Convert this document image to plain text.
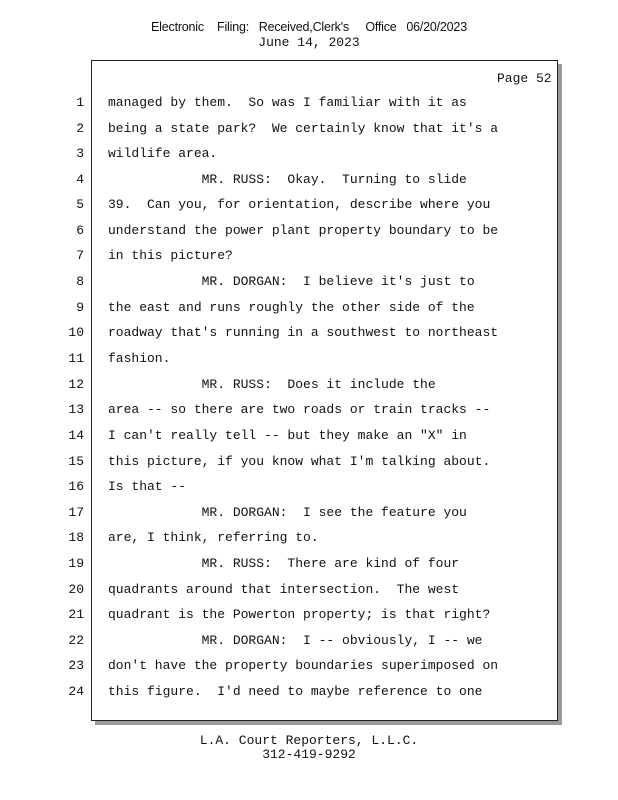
Electronic    Filing:   Received,Clerk's     Office   06/20/2023
June 14, 2023
Page 52
1 managed by them.  So was I familiar with it as
2 being a state park?  We certainly know that it's a
3 wildlife area.
4 MR. RUSS:  Okay.  Turning to slide
5 39.  Can you, for orientation, describe where you
6 understand the power plant property boundary to be
7 in this picture?
8 MR. DORGAN:  I believe it's just to
9 the east and runs roughly the other side of the
10 roadway that's running in a southwest to northeast
11 fashion.
12 MR. RUSS:  Does it include the
13 area -- so there are two roads or train tracks --
14 I can't really tell -- but they make an "X" in
15 this picture, if you know what I'm talking about.
16 Is that --
17 MR. DORGAN:  I see the feature you
18 are, I think, referring to.
19 MR. RUSS:  There are kind of four
20 quadrants around that intersection.  The west
21 quadrant is the Powerton property; is that right?
22 MR. DORGAN:  I -- obviously, I -- we
23 don't have the property boundaries superimposed on
24 this figure.  I'd need to maybe reference to one
L.A. Court Reporters, L.L.C.
312-419-9292
